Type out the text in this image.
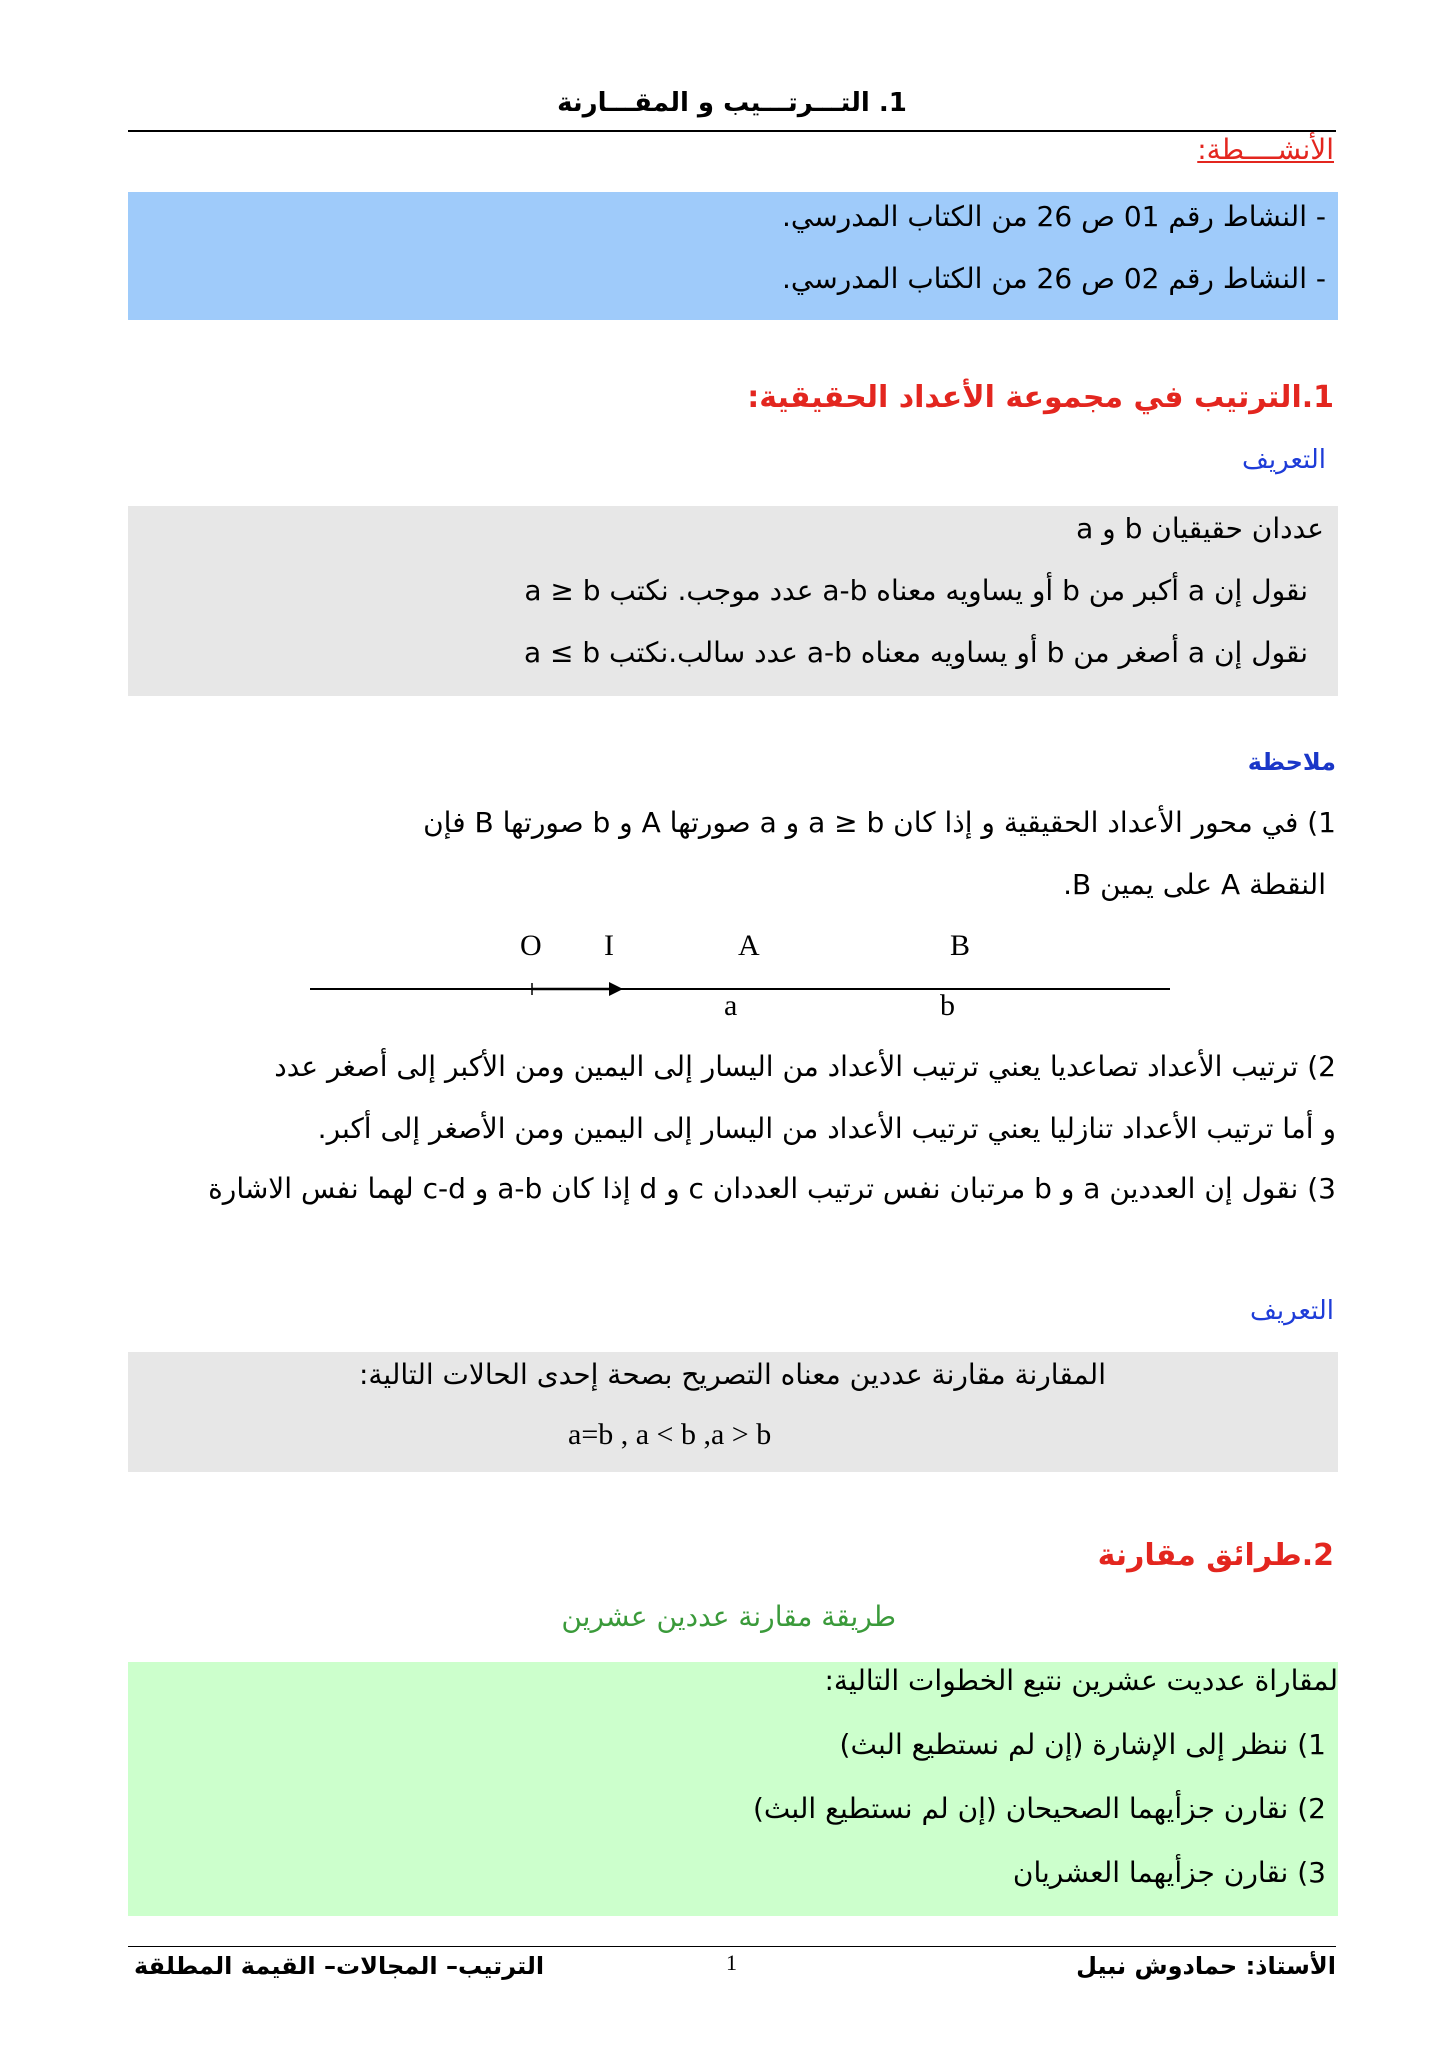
1. التـــرتـــيب و المقـــارنة
الأنشــــطة:
- النشاط رقم 01 ص 26 من الكتاب المدرسي.
- النشاط رقم 02 ص 26 من الكتاب المدرسي.
1.الترتيب في مجموعة الأعداد الحقيقية:
التعريف
a و b عددان حقيقيان
نقول إن a أكبر من b أو يساويه معناه a-b عدد موجب. نكتب a ≥ b
نقول إن a أصغر من b أو يساويه معناه a-b عدد سالب.نكتب a ≤ b
ملاحظة
1) في محور الأعداد الحقيقية و إذا كان a ≥ b و a صورتها A و b صورتها B فإن
النقطة A على يمين B.
O I	A	B
a	b
2) ترتيب الأعداد تصاعديا يعني ترتيب الأعداد من اليسار إلى اليمين ومن الأكبر إلى أصغر عدد
و أما ترتيب الأعداد تنازليا يعني ترتيب الأعداد من اليسار إلى اليمين ومن الأصغر إلى أكبر.
3) نقول إن العددين a و b مرتبان نفس ترتيب العددان c و d إذا كان a-b و c-d لهما نفس الاشارة
التعريف
المقارنة مقارنة عددين معناه التصريح بصحة إحدى الحالات التالية:
a=b , a < b ,a > b
2.طرائق مقارنة
طريقة مقارنة عددين عشرين
لمقاراة عدديت عشرين نتبع الخطوات التالية:
1) ننظر إلى الإشارة (إن لم نستطيع البث)
2) نقارن جزأيهما الصحيحان (إن لم نستطيع البث)
3) نقارن جزأيهما العشريان
الأستاذ: حمادوش نبيل
1
الترتيب– المجالات– القيمة المطلقة
